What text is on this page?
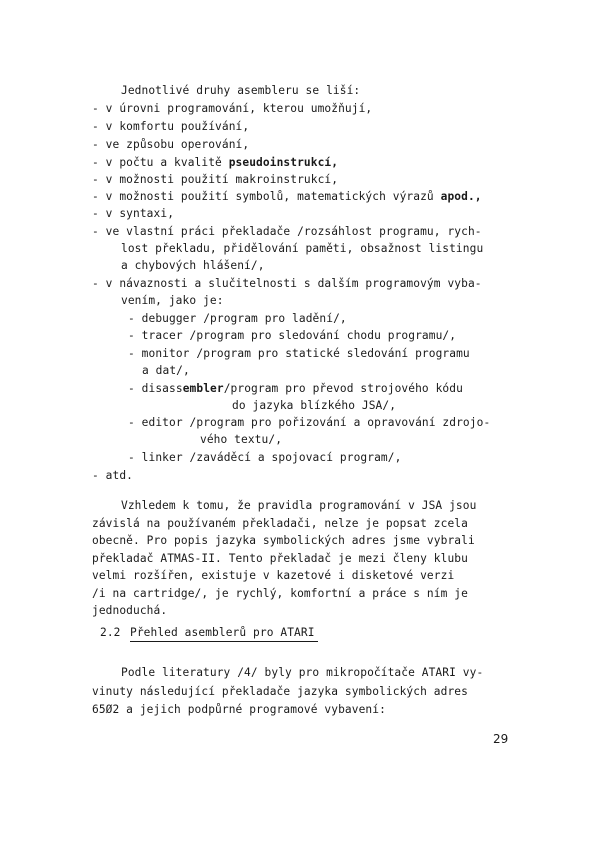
Jednotlivé druhy asembleru se liší:
- v úrovni programování, kterou umožňují,
- v komfortu používání,
- ve způsobu operování,
- v počtu a kvalitě pseudoinstrukcí,
- v možnosti použití makroinstrukcí,
- v možnosti použití symbolů, matematických výrazů apod.,
- v syntaxi,
- ve vlastní práci překladače /rozsáhlost programu, rych-
lost překladu, přidělování paměti, obsažnost listingu
a chybových hlášení/,
- v návaznosti a slučitelnosti s dalším programovým vyba-
vením, jako je:
- debugger /program pro ladění/,
- tracer /program pro sledování chodu programu/,
- monitor /program pro statické sledování programu
a dat/,
- disassembler/program pro převod strojového kódu
do jazyka blízkého JSA/,
- editor /program pro pořizování a opravování zdrojo-
vého textu/,
- linker /zaváděcí a spojovací program/,
- atd.
Vzhledem k tomu, že pravidla programování v JSA jsou
závislá na používaném překladači, nelze je popsat zcela
obecně. Pro popis jazyka symbolických adres jsme vybrali
překladač ATMAS-II. Tento překladač je mezi členy klubu
velmi rozšířen, existuje v kazetové i disketové verzi
/i na cartridge/, je rychlý, komfortní a práce s ním je
jednoduchá.
2.2 Přehled asemblerů pro ATARI
Podle literatury /4/ byly pro mikropočítače ATARI vy-
vinuty následující překladače jazyka symbolických adres
65Ø2 a jejich podpůrné programové vybavení:
29
